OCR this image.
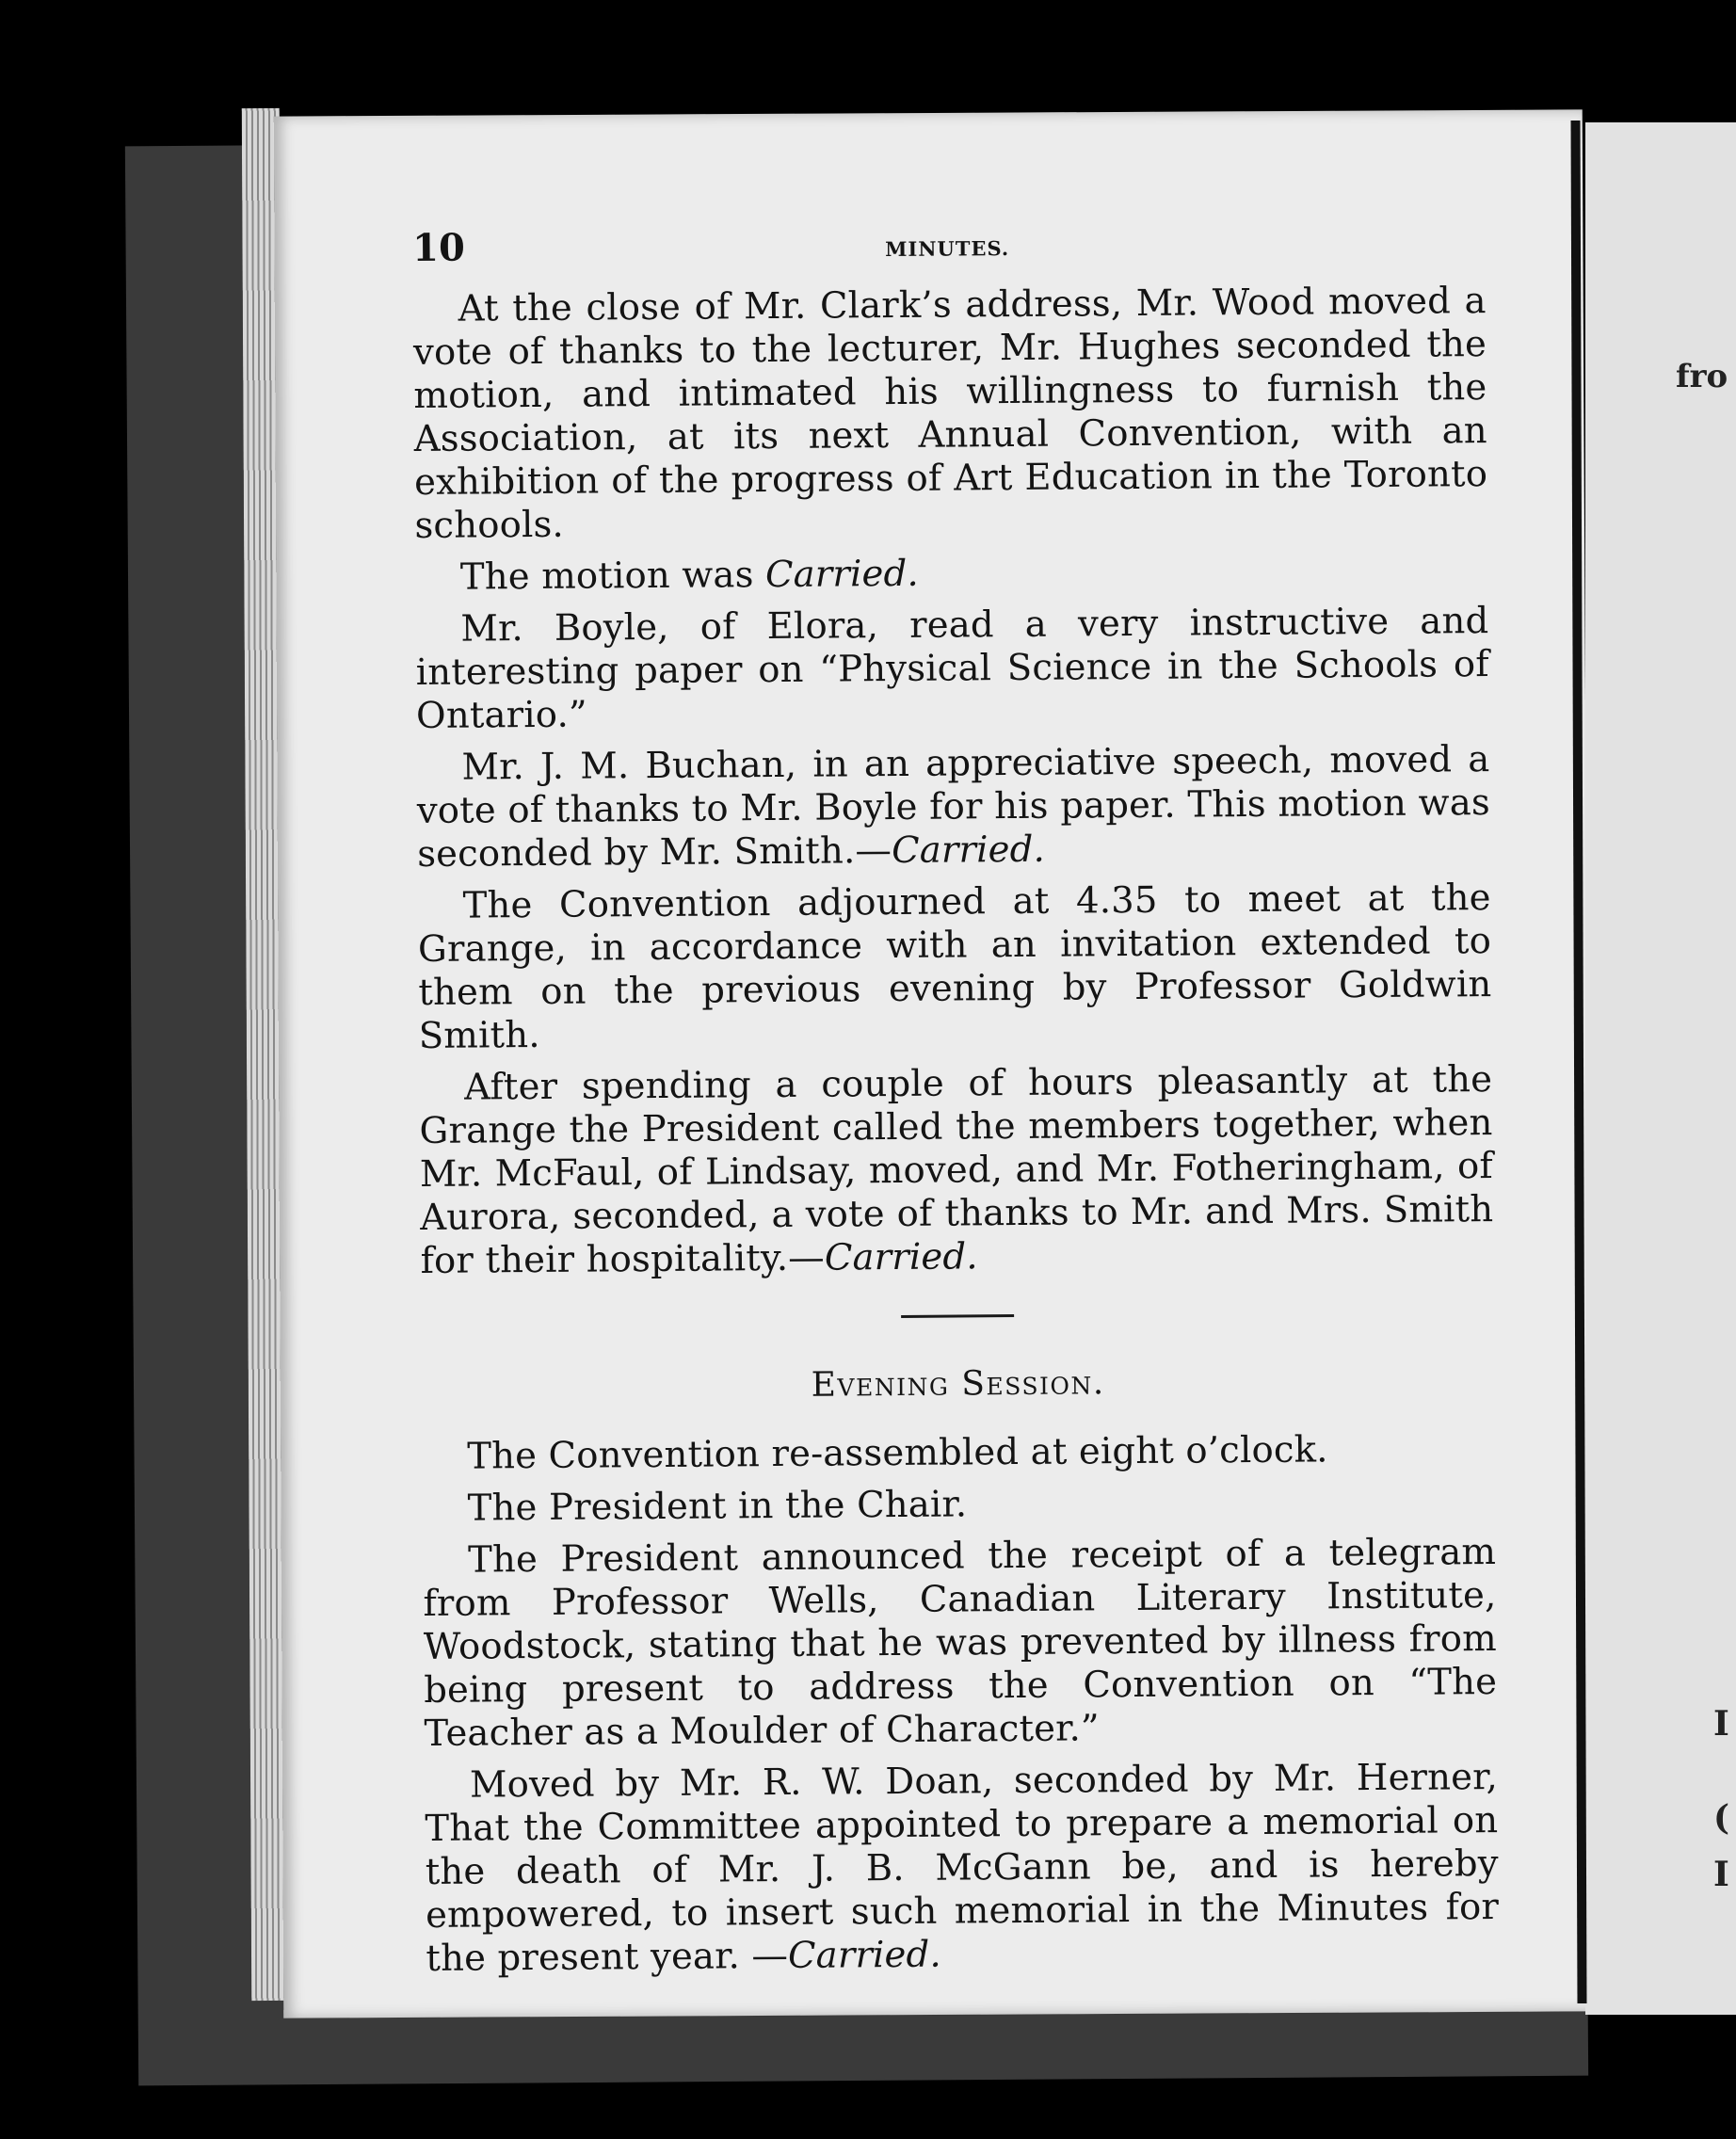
fro
I
(
I
10	MINUTES.

At the close of Mr. Clark’s address, Mr. Wood moved a vote of thanks to the lecturer, Mr. Hughes seconded the motion, and intimated his willingness to furnish the Association, at its next Annual Convention, with an exhibition of the progress of Art Education in the Toronto schools.

The motion was Carried.

Mr. Boyle, of Elora, read a very instructive and interesting paper on “Physical Science in the Schools of Ontario.”

Mr. J. M. Buchan, in an appreciative speech, moved a vote of thanks to Mr. Boyle for his paper. This motion was seconded by Mr. Smith.—Carried.

The Convention adjourned at 4.35 to meet at the Grange, in accordance with an invitation extended to them on the previous evening by Professor Goldwin Smith.

After spending a couple of hours pleasantly at the Grange the President called the members together, when Mr. McFaul, of Lindsay, moved, and Mr. Fotheringham, of Aurora, seconded, a vote of thanks to Mr. and Mrs. Smith for their hospitality.—Carried.

Evening Session.

The Convention re-assembled at eight o’clock.

The President in the Chair.

The President announced the receipt of a telegram from Professor Wells, Canadian Literary Institute, Woodstock, stating that he was prevented by illness from being present to address the Convention on “The Teacher as a Moulder of Character.”

Moved by Mr. R. W. Doan, seconded by Mr. Herner, That the Committee appointed to prepare a memorial on the death of Mr. J. B. McGann be, and is hereby empowered, to insert such memorial in the Minutes for the present year. —Carried.
